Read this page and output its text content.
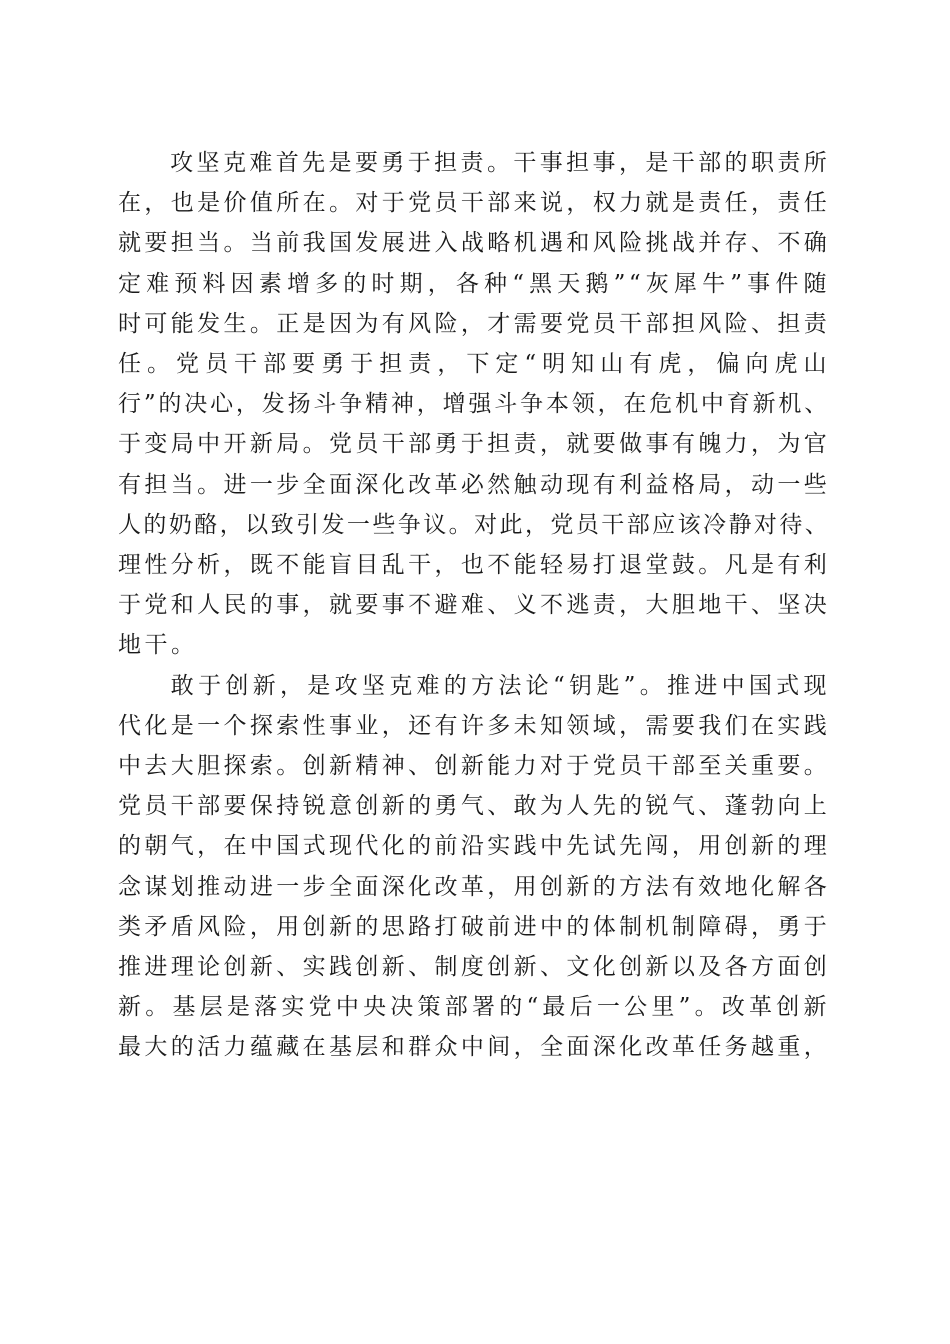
攻坚克难首先是要勇于担责。干事担事，是干部的职责所
在，也是价值所在。对于党员干部来说，权力就是责任，责任
就要担当。当前我国发展进入战略机遇和风险挑战并存、不确
定难预料因素增多的时期，各种“黑天鹅”“灰犀牛”事件随
时可能发生。正是因为有风险，才需要党员干部担风险、担责
任。党员干部要勇于担责，下定“明知山有虎，偏向虎山
行”的决心，发扬斗争精神，增强斗争本领，在危机中育新机、
于变局中开新局。党员干部勇于担责，就要做事有魄力，为官
有担当。进一步全面深化改革必然触动现有利益格局，动一些
人的奶酪，以致引发一些争议。对此，党员干部应该冷静对待、
理性分析，既不能盲目乱干，也不能轻易打退堂鼓。凡是有利
于党和人民的事，就要事不避难、义不逃责，大胆地干、坚决
地干。
敢于创新，是攻坚克难的方法论“钥匙”。推进中国式现
代化是一个探索性事业，还有许多未知领域，需要我们在实践
中去大胆探索。创新精神、创新能力对于党员干部至关重要。
党员干部要保持锐意创新的勇气、敢为人先的锐气、蓬勃向上
的朝气，在中国式现代化的前沿实践中先试先闯，用创新的理
念谋划推动进一步全面深化改革，用创新的方法有效地化解各
类矛盾风险，用创新的思路打破前进中的体制机制障碍，勇于
推进理论创新、实践创新、制度创新、文化创新以及各方面创
新。基层是落实党中央决策部署的“最后一公里”。改革创新
最大的活力蕴藏在基层和群众中间，全面深化改革任务越重，
